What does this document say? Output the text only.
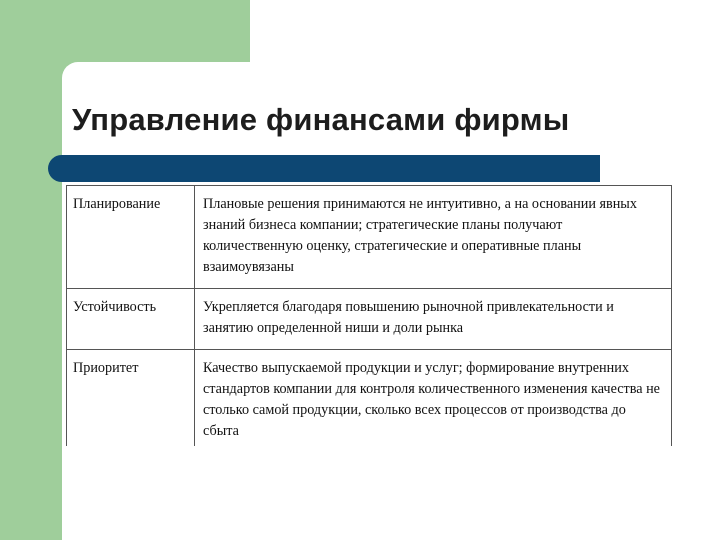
Управление финансами фирмы
Планирование	Плановые решения принимаются не интуитивно, а на основании явных знаний бизнеса компании; стратегические планы получают количественную оценку, стратегические и оперативные планы взаимоувязаны
Устойчивость	Укрепляется благодаря повышению рыночной привлекательности и занятию определенной ниши и доли рынка
Приоритет	Качество выпускаемой продукции и услуг; формирование внутренних стандартов компании для контроля количественного изменения качества не столько самой продукции, сколько всех процессов от производства до сбыта
